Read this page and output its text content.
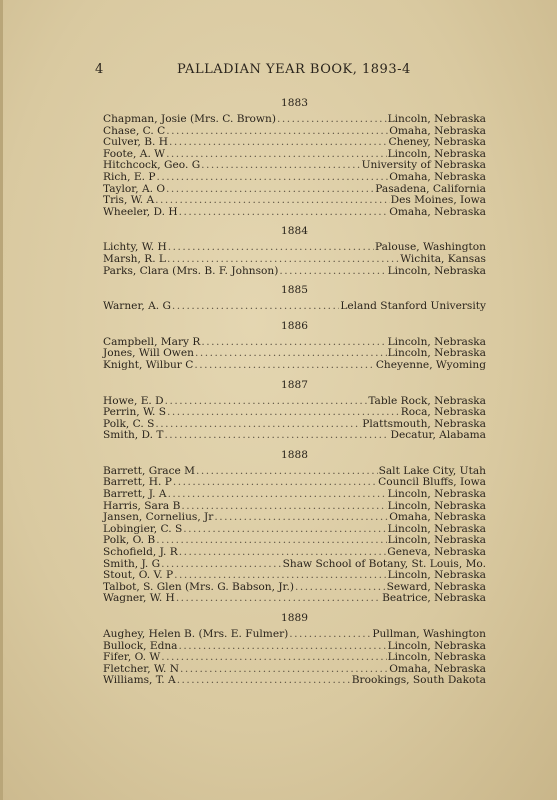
4	PALLADIAN YEAR BOOK, 1893-4
1883
Chapman, Josie (Mrs. C. Brown) .....	Lincoln, Nebraska
Chase, C. C .....	Omaha, Nebraska
Culver, B. H .....	Cheney, Nebraska
Foote, A. W .....	Lincoln, Nebraska
Hitchcock, Geo. G .....	University of Nebraska
Rich, E. P .....	Omaha, Nebraska
Taylor, A. O .....	Pasadena, California
Tris, W. A .....	Des Moines, Iowa
Wheeler, D. H .....	Omaha, Nebraska
1884
Lichty, W. H .....	Palouse, Washington
Marsh, R. L .....	Wichita, Kansas
Parks, Clara (Mrs. B. F. Johnson) .....	Lincoln, Nebraska
1885
Warner, A. G .....	Leland Stanford University
1886
Campbell, Mary R .....	Lincoln, Nebraska
Jones, Will Owen .....	Lincoln, Nebraska
Knight, Wilbur C .....	Cheyenne, Wyoming
1887
Howe, E. D .....	Table Rock, Nebraska
Perrin, W. S .....	Roca, Nebraska
Polk, C. S .....	Plattsmouth, Nebraska
Smith, D. T .....	Decatur, Alabama
1888
Barrett, Grace M .....	Salt Lake City, Utah
Barrett, H. P .....	Council Bluffs, Iowa
Barrett, J. A .....	Lincoln, Nebraska
Harris, Sara B .....	Lincoln, Nebraska
Jansen, Cornelius, Jr .....	Omaha, Nebraska
Lobingier, C. S .....	Lincoln, Nebraska
Polk, O. B .....	Lincoln, Nebraska
Schofield, J. R .....	Geneva, Nebraska
Smith, J. G .....	Shaw School of Botany, St. Louis, Mo.
Stout, O. V. P .....	Lincoln, Nebraska
Talbot, S. Glen (Mrs. G. Babson, Jr.) .....	Seward, Nebraska
Wagner, W. H .....	Beatrice, Nebraska
1889
Aughey, Helen B. (Mrs. E. Fulmer) .....	Pullman, Washington
Bullock, Edna .....	Lincoln, Nebraska
Fifer, O. W .....	Lincoln, Nebraska
Fletcher, W. N .....	Omaha, Nebraska
Williams, T. A .....	Brookings, South Dakota
